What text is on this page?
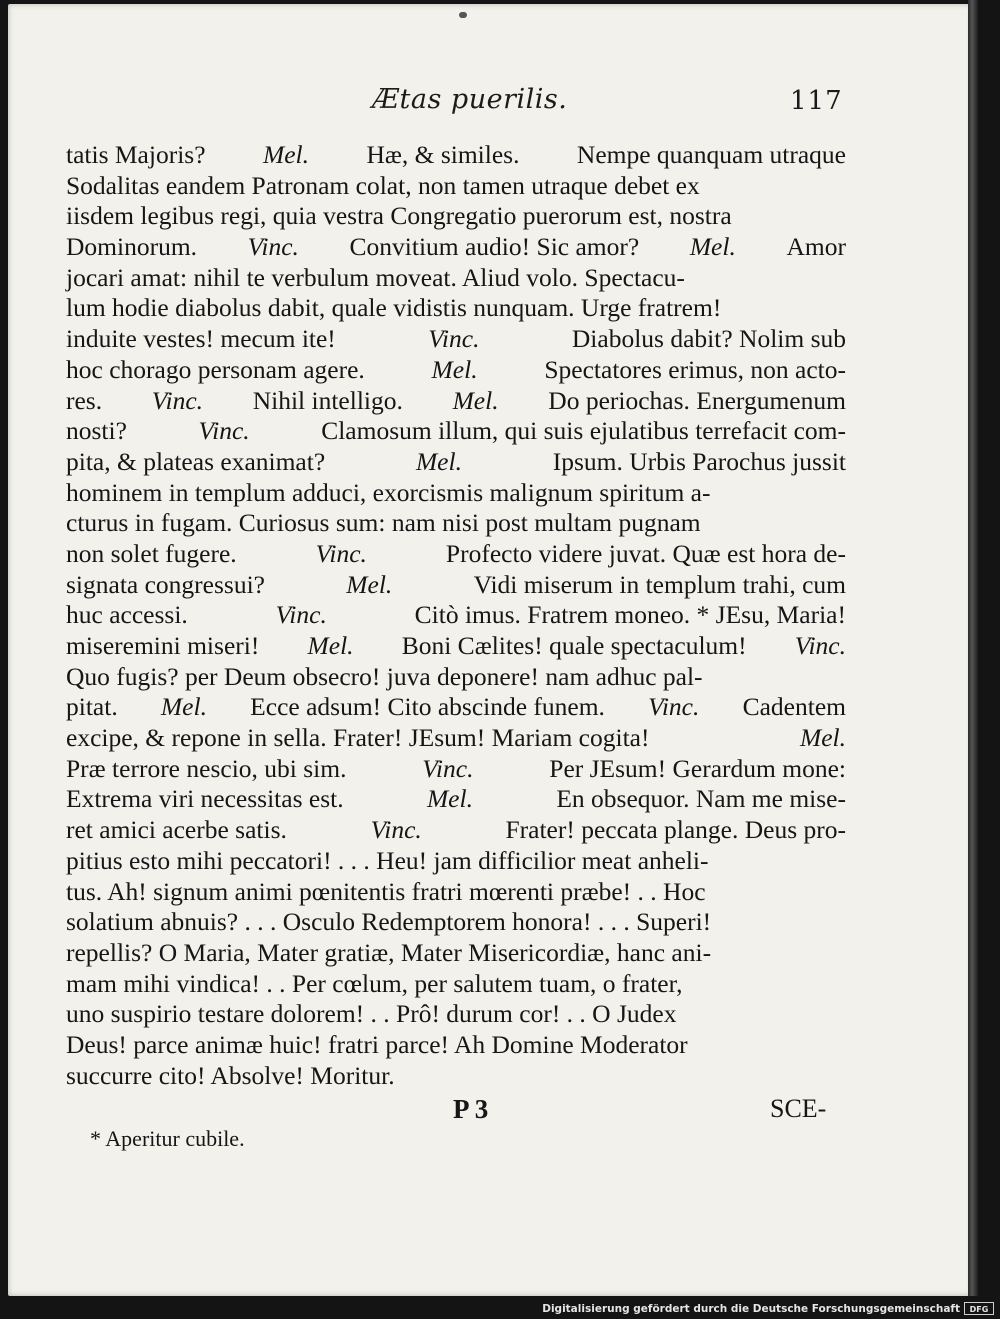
Ætas puerilis.	117
tatis Majoris? Mel. Hæ, & similes. Nempe quanquam utraque
Sodalitas eandem Patronam colat, non tamen utraque debet ex
iisdem legibus regi, quia vestra Congregatio puerorum est, nostra
Dominorum. Vinc. Convitium audio! Sic amor? Mel. Amor
jocari amat: nihil te verbulum moveat. Aliud volo. Spectacu-
lum hodie diabolus dabit, quale vidistis nunquam. Urge fratrem!
induite vestes! mecum ite!	Vinc.	Diabolus dabit? Nolim sub
hoc chorago personam agere.	Mel.	Spectatores erimus, non acto-
res. Vinc. Nihil intelligo. Mel. Do periochas. Energumenum
nosti?	Vinc.	Clamosum illum, qui suis ejulatibus terrefacit com-
pita, & plateas exanimat?	Mel.	Ipsum. Urbis Parochus jussit
hominem in templum adduci, exorcismis malignum spiritum a-
cturus in fugam. Curiosus sum: nam nisi post multam pugnam
non solet fugere.	Vinc.	Profecto videre juvat. Quæ est hora de-
signata congressui?	Mel.	Vidi miserum in templum trahi, cum
huc accessi.	Vinc.	Citò imus. Fratrem moneo. * JEsu, Maria!
misereminі miseri! Mel. Boni Cælites! quale spectaculum! Vinc.
Quo fugis? per Deum obsecro! juva deponere! nam adhuc pal-
pitat. Mel. Ecce adsum! Cito abscinde funem. Vinc. Cadentem
excipe, & repone in sella. Frater! JEsum! Mariam cogita!	Mel.
Præ terrore nescio, ubi sim.	Vinc.	Per JEsum! Gerardum mone:
Extrema viri necessitas est.	Mel.	En obsequor. Nam me mise-
ret amici acerbe satis.	Vinc.	Frater! peccata plange. Deus pro-
pitius esto mihi peccatori! . . . Heu! jam difficilior meat anheli-
tus. Ah! signum animi pœnitentis fratri mœrenti præbe! . . Hoc
solatium abnuis? . . . Osculo Redemptorem honora! . . . Superi!
repellis? O Maria, Mater gratiæ, Mater Misericordiæ, hanc ani-
mam mihi vindica! . . Per cœlum, per salutem tuam, o frater,
uno suspirio testare dolorem! . . Prô! durum cor! . . O Judex
Deus! parce animæ huic! fratri parce! Ah Domine Moderator
succurre cito! Absolve! Moritur.
P 3	SCE-
* Aperitur cubile.
Digitalisierung gefördert durch die Deutsche Forschungsgemeinschaft	DFG
